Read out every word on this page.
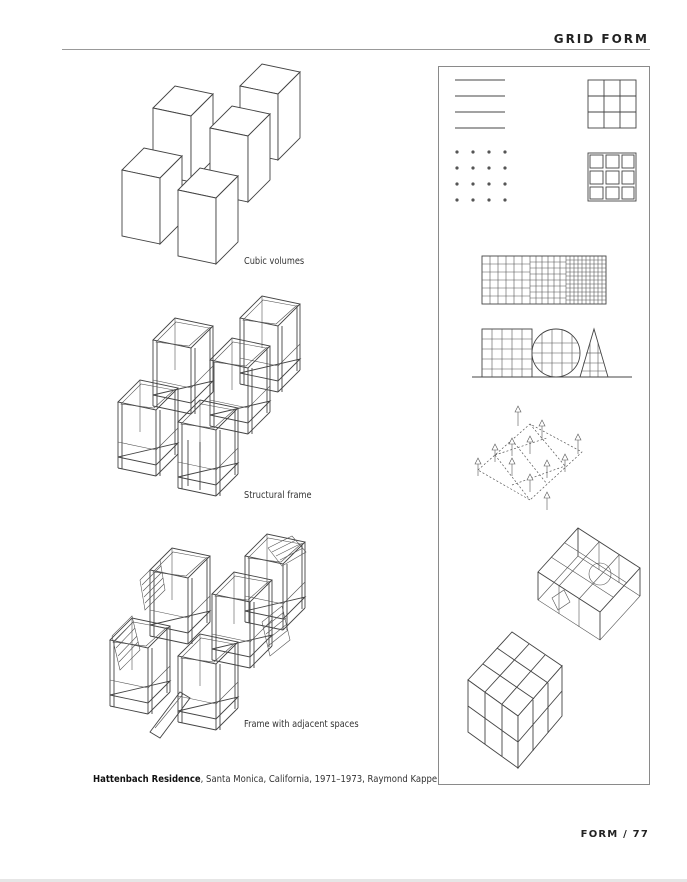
GRID FORM
Cubic volumes
Structural frame
Frame with adjacent spaces
Hattenbach Residence, Santa Monica, California, 1971–1973, Raymond Kappe
FORM / 77
